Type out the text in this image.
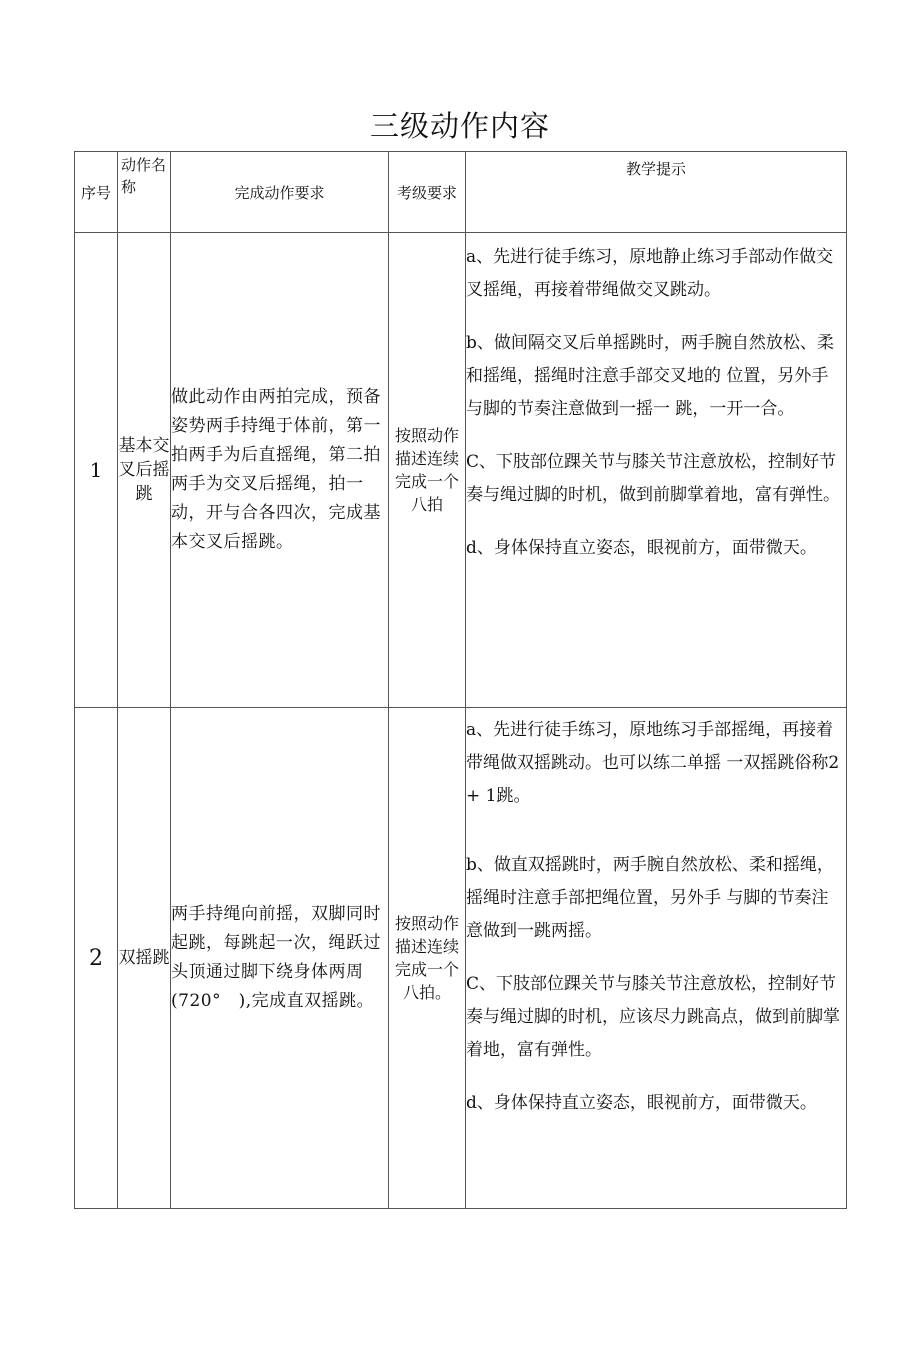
三级动作内容
序号	动作名称	完成动作要求	考级要求	教学提示
1	基本交叉后摇跳	做此动作由两拍完成，预备姿势两手持绳于体前，第一拍两手为后直摇绳，第二拍两手为交叉后摇绳，拍一动，开与合各四次，完成基本交叉后摇跳。	按照动作描述连续完成一个八拍	a、先进行徒手练习，原地静止练习手部动作做交叉摇绳，再接着带绳做交叉跳动。
b、做间隔交叉后单摇跳时，两手腕自然放松、柔和摇绳，摇绳时注意手部交叉地的 位置，另外手与脚的节奏注意做到一摇一 跳，一开一合。
C、下肢部位踝关节与膝关节注意放松，控制好节奏与绳过脚的时机，做到前脚掌着地，富有弹性。
d、身体保持直立姿态，眼视前方，面带微天。

2	双摇跳	两手持绳向前摇，双脚同时起跳，每跳起一次，绳跃过头顶通过脚下绕身体两周(720°　),完成直双摇跳。	按照动作描述连续完成一个八拍。	a、先进行徒手练习，原地练习手部摇绳，再接着带绳做双摇跳动。也可以练二单摇 一双摇跳俗称2 + 1跳。
b、做直双摇跳时，两手腕自然放松、柔和摇绳，摇绳时注意手部把绳位置，另外手 与脚的节奏注意做到一跳两摇。
C、下肢部位踝关节与膝关节注意放松，控制好节奏与绳过脚的时机，应该尽力跳高点，做到前脚掌着地，富有弹性。
d、身体保持直立姿态，眼视前方，面带微天。
